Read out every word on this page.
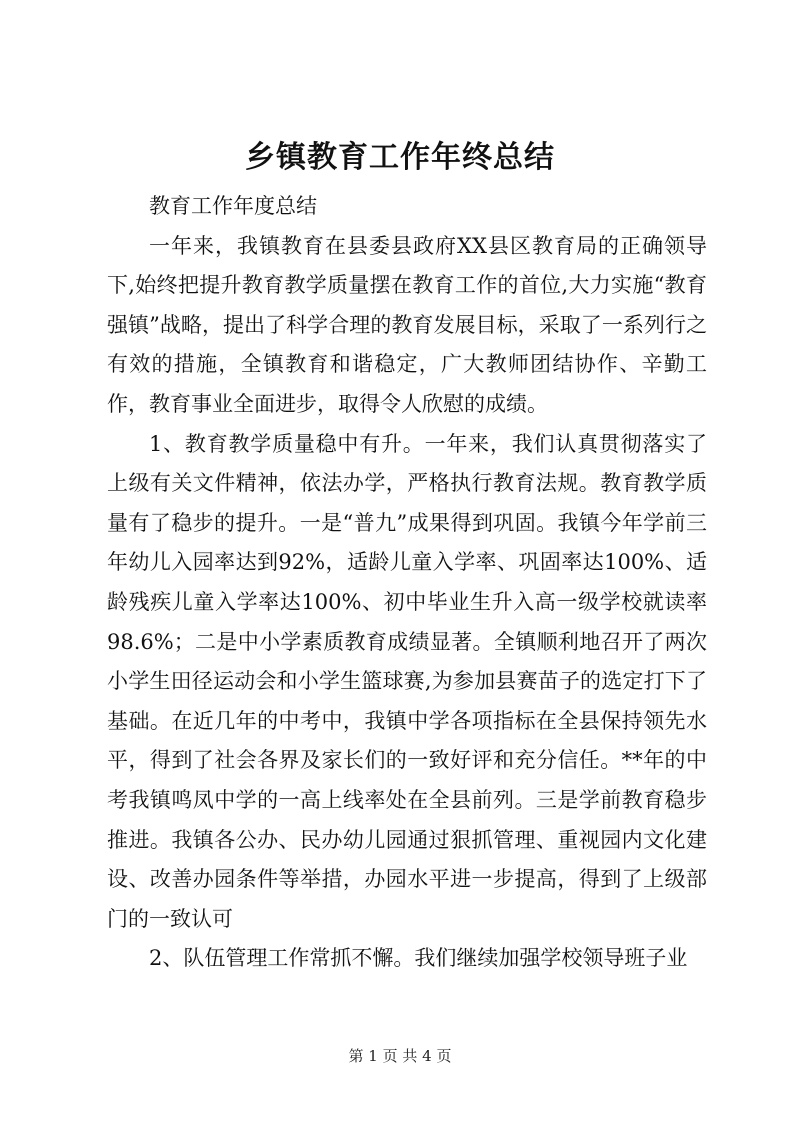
乡镇教育工作年终总结

教育工作年度总结

一年来，我镇教育在县委县政府XX县区教育局的正确领导下,始终把提升教育教学质量摆在教育工作的首位,大力实施“教育强镇”战略，提出了科学合理的教育发展目标，采取了一系列行之有效的措施，全镇教育和谐稳定，广大教师团结协作、辛勤工作，教育事业全面进步，取得令人欣慰的成绩。

1、教育教学质量稳中有升。一年来，我们认真贯彻落实了上级有关文件精神，依法办学，严格执行教育法规。教育教学质量有了稳步的提升。一是“普九”成果得到巩固。我镇今年学前三年幼儿入园率达到92%，适龄儿童入学率、巩固率达100%、适龄残疾儿童入学率达100%、初中毕业生升入高一级学校就读率98.6%；二是中小学素质教育成绩显著。全镇顺利地召开了两次小学生田径运动会和小学生篮球赛,为参加县赛苗子的选定打下了基础。在近几年的中考中，我镇中学各项指标在全县保持领先水平，得到了社会各界及家长们的一致好评和充分信任。**年的中考我镇鸣凤中学的一高上线率处在全县前列。三是学前教育稳步推进。我镇各公办、民办幼儿园通过狠抓管理、重视园内文化建设、改善办园条件等举措，办园水平进一步提高，得到了上级部门的一致认可

2、队伍管理工作常抓不懈。我们继续加强学校领导班子业

第 1 页 共 4 页
